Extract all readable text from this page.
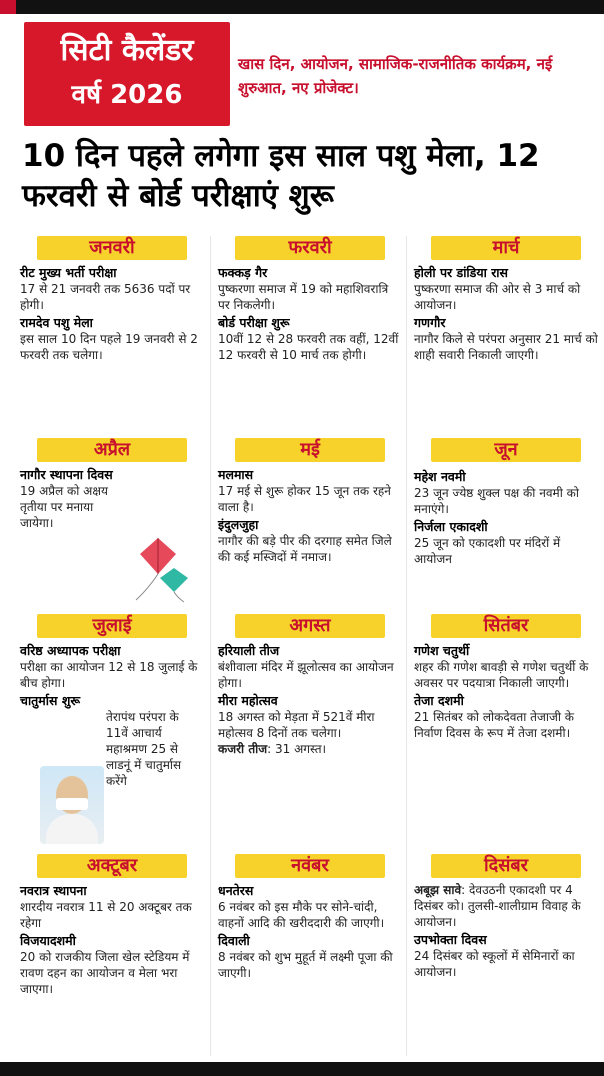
सिटी कैलेंडर
वर्ष 2026
खास दिन, आयोजन, सामाजिक-राजनीतिक कार्यक्रम, नई शुरुआत, नए प्रोजेक्ट।
10 दिन पहले लगेगा इस साल पशु मेला, 12 फरवरी से बोर्ड परीक्षाएं शुरू
जनवरी
रीट मुख्य भर्ती परीक्षा
17 से 21 जनवरी तक 5636 पदों पर होगी।
रामदेव पशु मेला
इस साल 10 दिन पहले 19 जनवरी से 2 फरवरी तक चलेगा।
फरवरी
फक्कड़ गैर
पुष्करणा समाज में 19 को महाशिवरात्रि पर निकलेगी।
बोर्ड परीक्षा शुरू
10वीं 12 से 28 फरवरी तक वहीं, 12वीं 12 फरवरी से 10 मार्च तक होगी।
मार्च
होली पर डांडिया रास
पुष्करणा समाज की ओर से 3 मार्च को आयोजन।
गणगौर
नागौर किले से परंपरा अनुसार 21 मार्च को शाही सवारी निकाली जाएगी।
अप्रैल
नागौर स्थापना दिवस
19 अप्रैल को अक्षय तृतीया पर मनाया जायेगा।
मई
मलमास
17 मई से शुरू होकर 15 जून तक रहने वाला है।
इंदुलजुहा
नागौर की बड़े पीर की दरगाह समेत जिले की कई मस्जिदों में नमाज।
जून
महेश नवमी
23 जून ज्येष्ठ शुक्ल पक्ष की नवमी को मनाएंगे।
निर्जला एकादशी
25 जून को एकादशी पर मंदिरों में आयोजन
जुलाई
वरिष्ठ अध्यापक परीक्षा
परीक्षा का आयोजन 12 से 18 जुलाई के बीच होगा।
चातुर्मास शुरू
तेरापंथ परंपरा के 11वें आचार्य महाश्रमण 25 से लाडनूं में चातुर्मास करेंगे
अगस्त
हरियाली तीज
बंशीवाला मंदिर में झूलोत्सव का आयोजन होगा।
मीरा महोत्सव
18 अगस्त को मेड़ता में 521वें मीरा महोत्सव 8 दिनों तक चलेगा।
कजरी तीज: 31 अगस्त।
सितंबर
गणेश चतुर्थी
शहर की गणेश बावड़ी से गणेश चतुर्थी के अवसर पर पदयात्रा निकाली जाएगी।
तेजा दशमी
21 सितंबर को लोकदेवता तेजाजी के निर्वाण दिवस के रूप में तेजा दशमी।
अक्टूबर
नवरात्र स्थापना
शारदीय नवरात्र 11 से 20 अक्टूबर तक रहेगा
विजयादशमी
20 को राजकीय जिला खेल स्टेडियम में रावण दहन का आयोजन व मेला भरा जाएगा।
नवंबर
धनतेरस
6 नवंबर को इस मौके पर सोने-चांदी, वाहनों आदि की खरीददारी की जाएगी।
दिवाली
8 नवंबर को शुभ मुहूर्त में लक्ष्मी पूजा की जाएगी।
दिसंबर
अबूझ सावे: देवउठनी एकादशी पर 4 दिसंबर को। तुलसी-शालीग्राम विवाह के आयोजन।
उपभोक्ता दिवस
24 दिसंबर को स्कूलों में सेमिनारों का आयोजन।
